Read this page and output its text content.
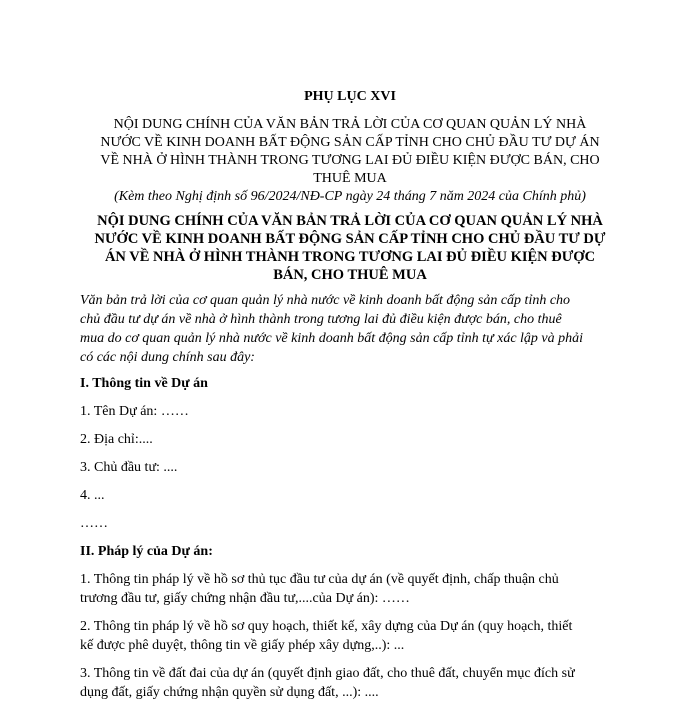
PHỤ LỤC XVI
NỘI DUNG CHÍNH CỦA VĂN BẢN TRẢ LỜI CỦA CƠ QUAN QUẢN LÝ NHÀ
NƯỚC VỀ KINH DOANH BẤT ĐỘNG SẢN CẤP TỈNH CHO CHỦ ĐẦU TƯ DỰ ÁN
VỀ NHÀ Ở HÌNH THÀNH TRONG TƯƠNG LAI ĐỦ ĐIỀU KIỆN ĐƯỢC BÁN, CHO
THUÊ MUA
(Kèm theo Nghị định số 96/2024/NĐ-CP ngày 24 tháng 7 năm 2024 của Chính phủ)
NỘI DUNG CHÍNH CỦA VĂN BẢN TRẢ LỜI CỦA CƠ QUAN QUẢN LÝ NHÀ
NƯỚC VỀ KINH DOANH BẤT ĐỘNG SẢN CẤP TỈNH CHO CHỦ ĐẦU TƯ DỰ
ÁN VỀ NHÀ Ở HÌNH THÀNH TRONG TƯƠNG LAI ĐỦ ĐIỀU KIỆN ĐƯỢC
BÁN, CHO THUÊ MUA
Văn bản trả lời của cơ quan quản lý nhà nước về kinh doanh bất động sản cấp tỉnh cho
chủ đầu tư dự án về nhà ở hình thành trong tương lai đủ điều kiện được bán, cho thuê
mua do cơ quan quản lý nhà nước về kinh doanh bất động sản cấp tỉnh tự xác lập và phải
có các nội dung chính sau đây:
I. Thông tin về Dự án
1. Tên Dự án: ……
2. Địa chỉ:....
3. Chủ đầu tư: ....
4. ...
……
II. Pháp lý của Dự án:
1. Thông tin pháp lý về hồ sơ thủ tục đầu tư của dự án (về quyết định, chấp thuận chủ
trương đầu tư, giấy chứng nhận đầu tư,....của Dự án): ……
2. Thông tin pháp lý về hồ sơ quy hoạch, thiết kế, xây dựng của Dự án (quy hoạch, thiết
kế được phê duyệt, thông tin về giấy phép xây dựng,..): ...
3. Thông tin về đất đai của dự án (quyết định giao đất, cho thuê đất, chuyển mục đích sử
dụng đất, giấy chứng nhận quyền sử dụng đất, ...): ....
